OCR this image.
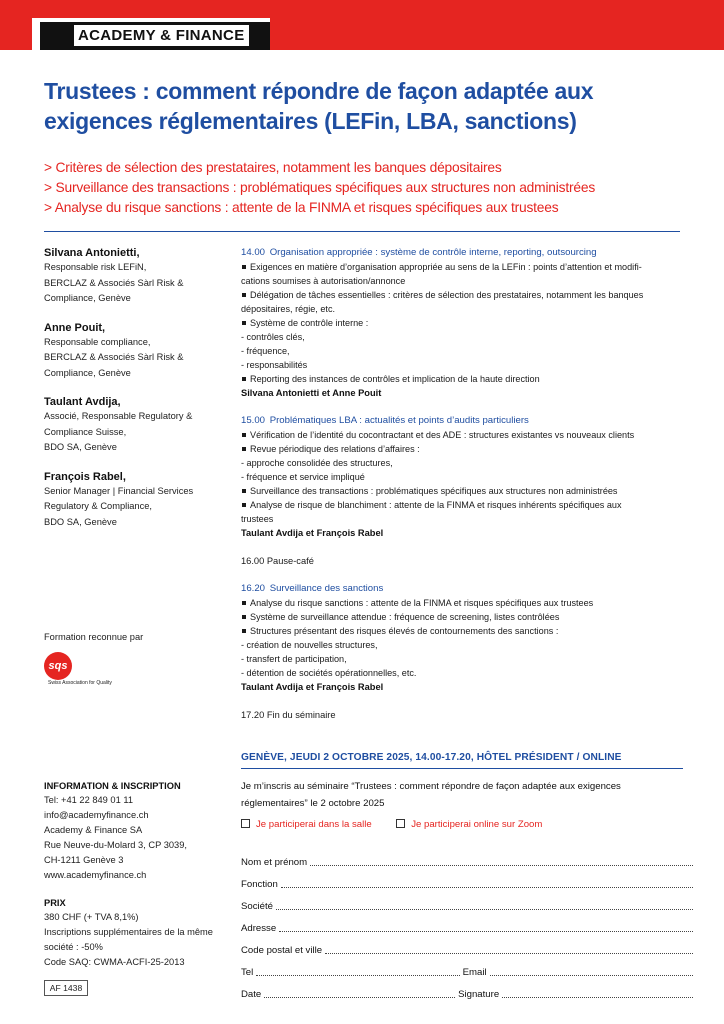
ACADEMY & FINANCE
Trustees : comment répondre de façon adaptée aux exigences réglementaires (LEFin, LBA, sanctions)
> Critères de sélection des prestataires, notamment les banques dépositaires
> Surveillance des transactions : problématiques spécifiques aux structures non administrées
> Analyse du risque sanctions : attente de la FINMA et risques spécifiques aux trustees
Silvana Antonietti,
Responsable risk LEFiN,
BERCLAZ & Associés Sàrl Risk &
Compliance, Genève
Anne Pouit,
Responsable compliance,
BERCLAZ & Associés Sàrl Risk &
Compliance, Genève
Taulant Avdija,
Associé, Responsable Regulatory &
Compliance Suisse,
BDO SA, Genève
François Rabel,
Senior Manager | Financial Services
Regulatory & Compliance,
BDO SA, Genève
14.00 Organisation appropriée : système de contrôle interne, reporting, outsourcing
Exigences en matière d’organisation appropriée au sens de la LEFin : points d’attention et modifi-
cations soumises à autorisation/annonce
Délégation de tâches essentielles : critères de sélection des prestataires, notamment les banques
dépositaires, régie, etc.
Système de contrôle interne :
- contrôles clés,
- fréquence,
- responsabilités
Reporting des instances de contrôles et implication de la haute direction
Silvana Antonietti et Anne Pouit
15.00 Problématiques LBA : actualités et points d’audits particuliers
Vérification de l’identité du cocontractant et des ADE : structures existantes vs nouveaux clients
Revue périodique des relations d’affaires :
- approche consolidée des structures,
- fréquence et service impliqué
Surveillance des transactions : problématiques spécifiques aux structures non administrées
Analyse de risque de blanchiment : attente de la FINMA et risques inhérents spécifiques aux
trustees
Taulant Avdija et François Rabel
16.00 Pause-café
16.20 Surveillance des sanctions
Analyse du risque sanctions : attente de la FINMA et risques spécifiques aux trustees
Système de surveillance attendue : fréquence de screening, listes contrôlées
Structures présentant des risques élevés de contournements des sanctions :
- création de nouvelles structures,
- transfert de participation,
- détention de sociétés opérationnelles, etc.
Taulant Avdija et François Rabel
17.20 Fin du séminaire
Formation reconnue par
sqs
Swiss Association for Quality
GENÈVE, JEUDI 2 OCTOBRE 2025, 14.00-17.20, HÔTEL PRÉSIDENT / ONLINE
INFORMATION & INSCRIPTION
Tel: +41 22 849 01 11
info@academyfinance.ch
Academy & Finance SA
Rue Neuve-du-Molard 3, CP 3039,
CH-1211 Genève 3
www.academyfinance.ch
PRIX
380 CHF (+ TVA 8,1%)
Inscriptions supplémentaires de la même
société : -50%
Code SAQ: CWMA-ACFI-25-2013
AF 1438
Je m’inscris au séminaire “Trustees : comment répondre de façon adaptée aux exigences
réglementaires” le 2 octobre 2025
Je participerai dans la salle	Je participerai online sur Zoom
Nom et prénom
Fonction
Société
Adresse
Code postal et ville
Tel	Email
Date	Signature
